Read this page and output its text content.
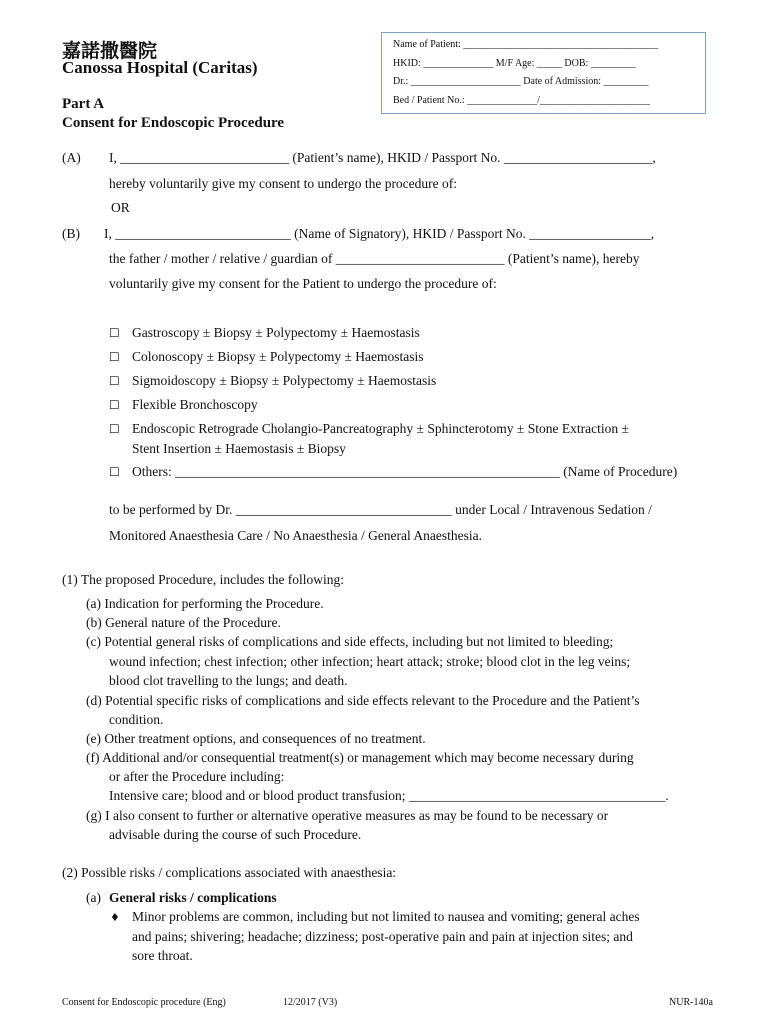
嘉諾撒醫院
Canossa Hospital (Caritas)
Part A
Consent for Endoscopic Procedure
Name of Patient: _______________________________________
HKID: ______________ M/F Age: _____ DOB: _________
Dr.: ______________________ Date of Admission: _________
Bed / Patient No.: ______________/______________________
(A) I, _________________________ (Patient’s name), HKID / Passport No. ______________________,
hereby voluntarily give my consent to undergo the procedure of:
OR
(B) I, __________________________ (Name of Signatory), HKID / Passport No. __________________,
the father / mother / relative / guardian of _________________________ (Patient’s name), hereby
voluntarily give my consent for the Patient to undergo the procedure of:
☐ Gastroscopy ± Biopsy ± Polypectomy ± Haemostasis
☐ Colonoscopy ± Biopsy ± Polypectomy ± Haemostasis
☐ Sigmoidoscopy ± Biopsy ± Polypectomy ± Haemostasis
☐ Flexible Bronchoscopy
☐ Endoscopic Retrograde Cholangio-Pancreatography ± Sphincterotomy ± Stone Extraction ±
Stent Insertion ± Haemostasis ± Biopsy
☐ Others: _________________________________________________________ (Name of Procedure)
to be performed by Dr. ________________________________ under Local / Intravenous Sedation /
Monitored Anaesthesia Care / No Anaesthesia / General Anaesthesia.
(1) The proposed Procedure, includes the following:
(a) Indication for performing the Procedure.
(b) General nature of the Procedure.
(c) Potential general risks of complications and side effects, including but not limited to bleeding;
wound infection; chest infection; other infection; heart attack; stroke; blood clot in the leg veins;
blood clot travelling to the lungs; and death.
(d) Potential specific risks of complications and side effects relevant to the Procedure and the Patient’s
condition.
(e) Other treatment options, and consequences of no treatment.
(f) Additional and/or consequential treatment(s) or management which may become necessary during
or after the Procedure including:
Intensive care; blood and or blood product transfusion; ______________________________________.
(g) I also consent to further or alternative operative measures as may be found to be necessary or
advisable during the course of such Procedure.
(2) Possible risks / complications associated with anaesthesia:
(a) General risks / complications
♦ Minor problems are common, including but not limited to nausea and vomiting; general aches
and pains; shivering; headache; dizziness; post-operative pain and pain at injection sites; and
sore throat.
Consent for Endoscopic procedure (Eng)	12/2017 (V3)	NUR-140a
